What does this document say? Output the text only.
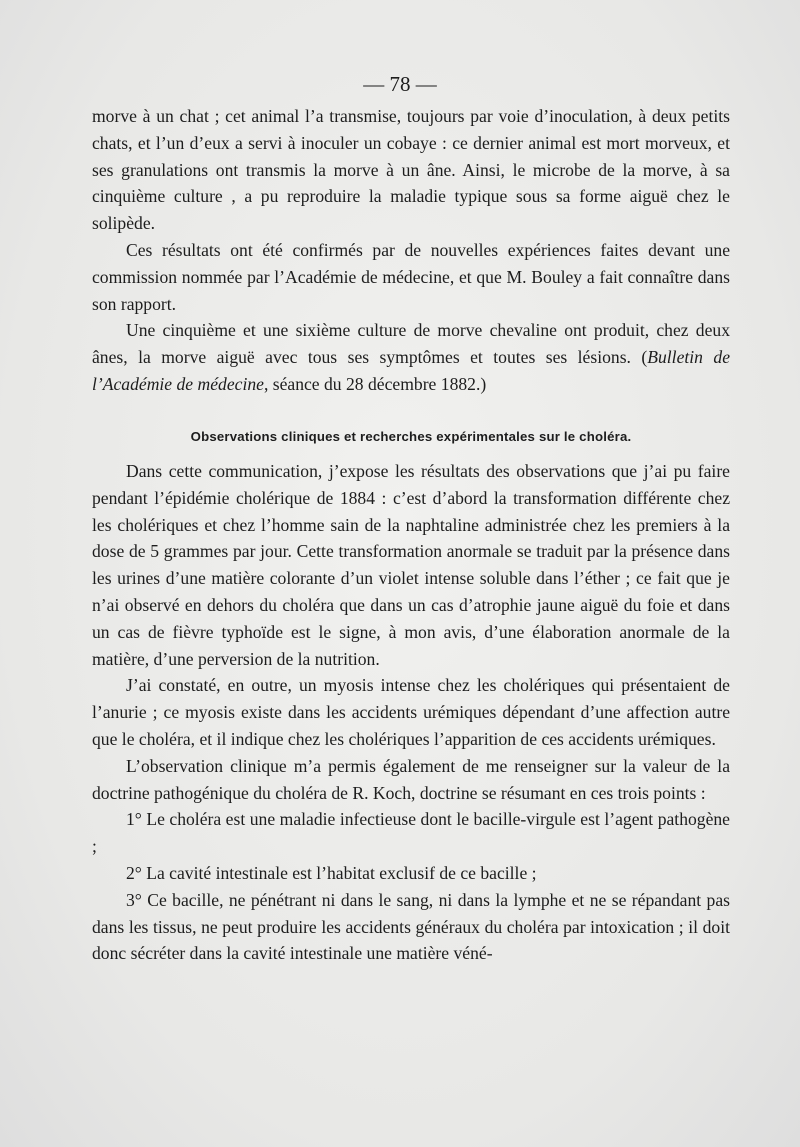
— 78 —

morve à un chat ; cet animal l’a transmise, toujours par voie d’inoculation, à deux petits chats, et l’un d’eux a servi à inoculer un cobaye : ce dernier animal est mort morveux, et ses granulations ont transmis la morve à un âne. Ainsi, le microbe de la morve, à sa cinquième culture , a pu reproduire la maladie typique sous sa forme aiguë chez le solipède.

Ces résultats ont été confirmés par de nouvelles expériences faites devant une commission nommée par l’Académie de médecine, et que M. Bouley a fait connaître dans son rapport.

Une cinquième et une sixième culture de morve chevaline ont produit, chez deux ânes, la morve aiguë avec tous ses symptômes et toutes ses lésions. (Bulletin de l’Académie de médecine, séance du 28 décembre 1882.)

Observations cliniques et recherches expérimentales sur le choléra.

Dans cette communication, j’expose les résultats des observations que j’ai pu faire pendant l’épidémie cholérique de 1884 : c’est d’abord la transformation différente chez les cholériques et chez l’homme sain de la naphtaline administrée chez les premiers à la dose de 5 grammes par jour. Cette transformation anormale se traduit par la présence dans les urines d’une matière colorante d’un violet intense soluble dans l’éther ; ce fait que je n’ai observé en dehors du choléra que dans un cas d’atrophie jaune aiguë du foie et dans un cas de fièvre typhoïde est le signe, à mon avis, d’une élaboration anormale de la matière, d’une perversion de la nutrition.

J’ai constaté, en outre, un myosis intense chez les cholériques qui présentaient de l’anurie ; ce myosis existe dans les accidents urémiques dépendant d’une affection autre que le choléra, et il indique chez les cholériques l’apparition de ces accidents urémiques.

L’observation clinique m’a permis également de me renseigner sur la valeur de la doctrine pathogénique du choléra de R. Koch, doctrine se résumant en ces trois points :

1° Le choléra est une maladie infectieuse dont le bacille-virgule est l’agent pathogène ;

2° La cavité intestinale est l’habitat exclusif de ce bacille ;

3° Ce bacille, ne pénétrant ni dans le sang, ni dans la lymphe et ne se répandant pas dans les tissus, ne peut produire les accidents généraux du choléra par intoxication ; il doit donc sécréter dans la cavité intestinale une matière véné-
